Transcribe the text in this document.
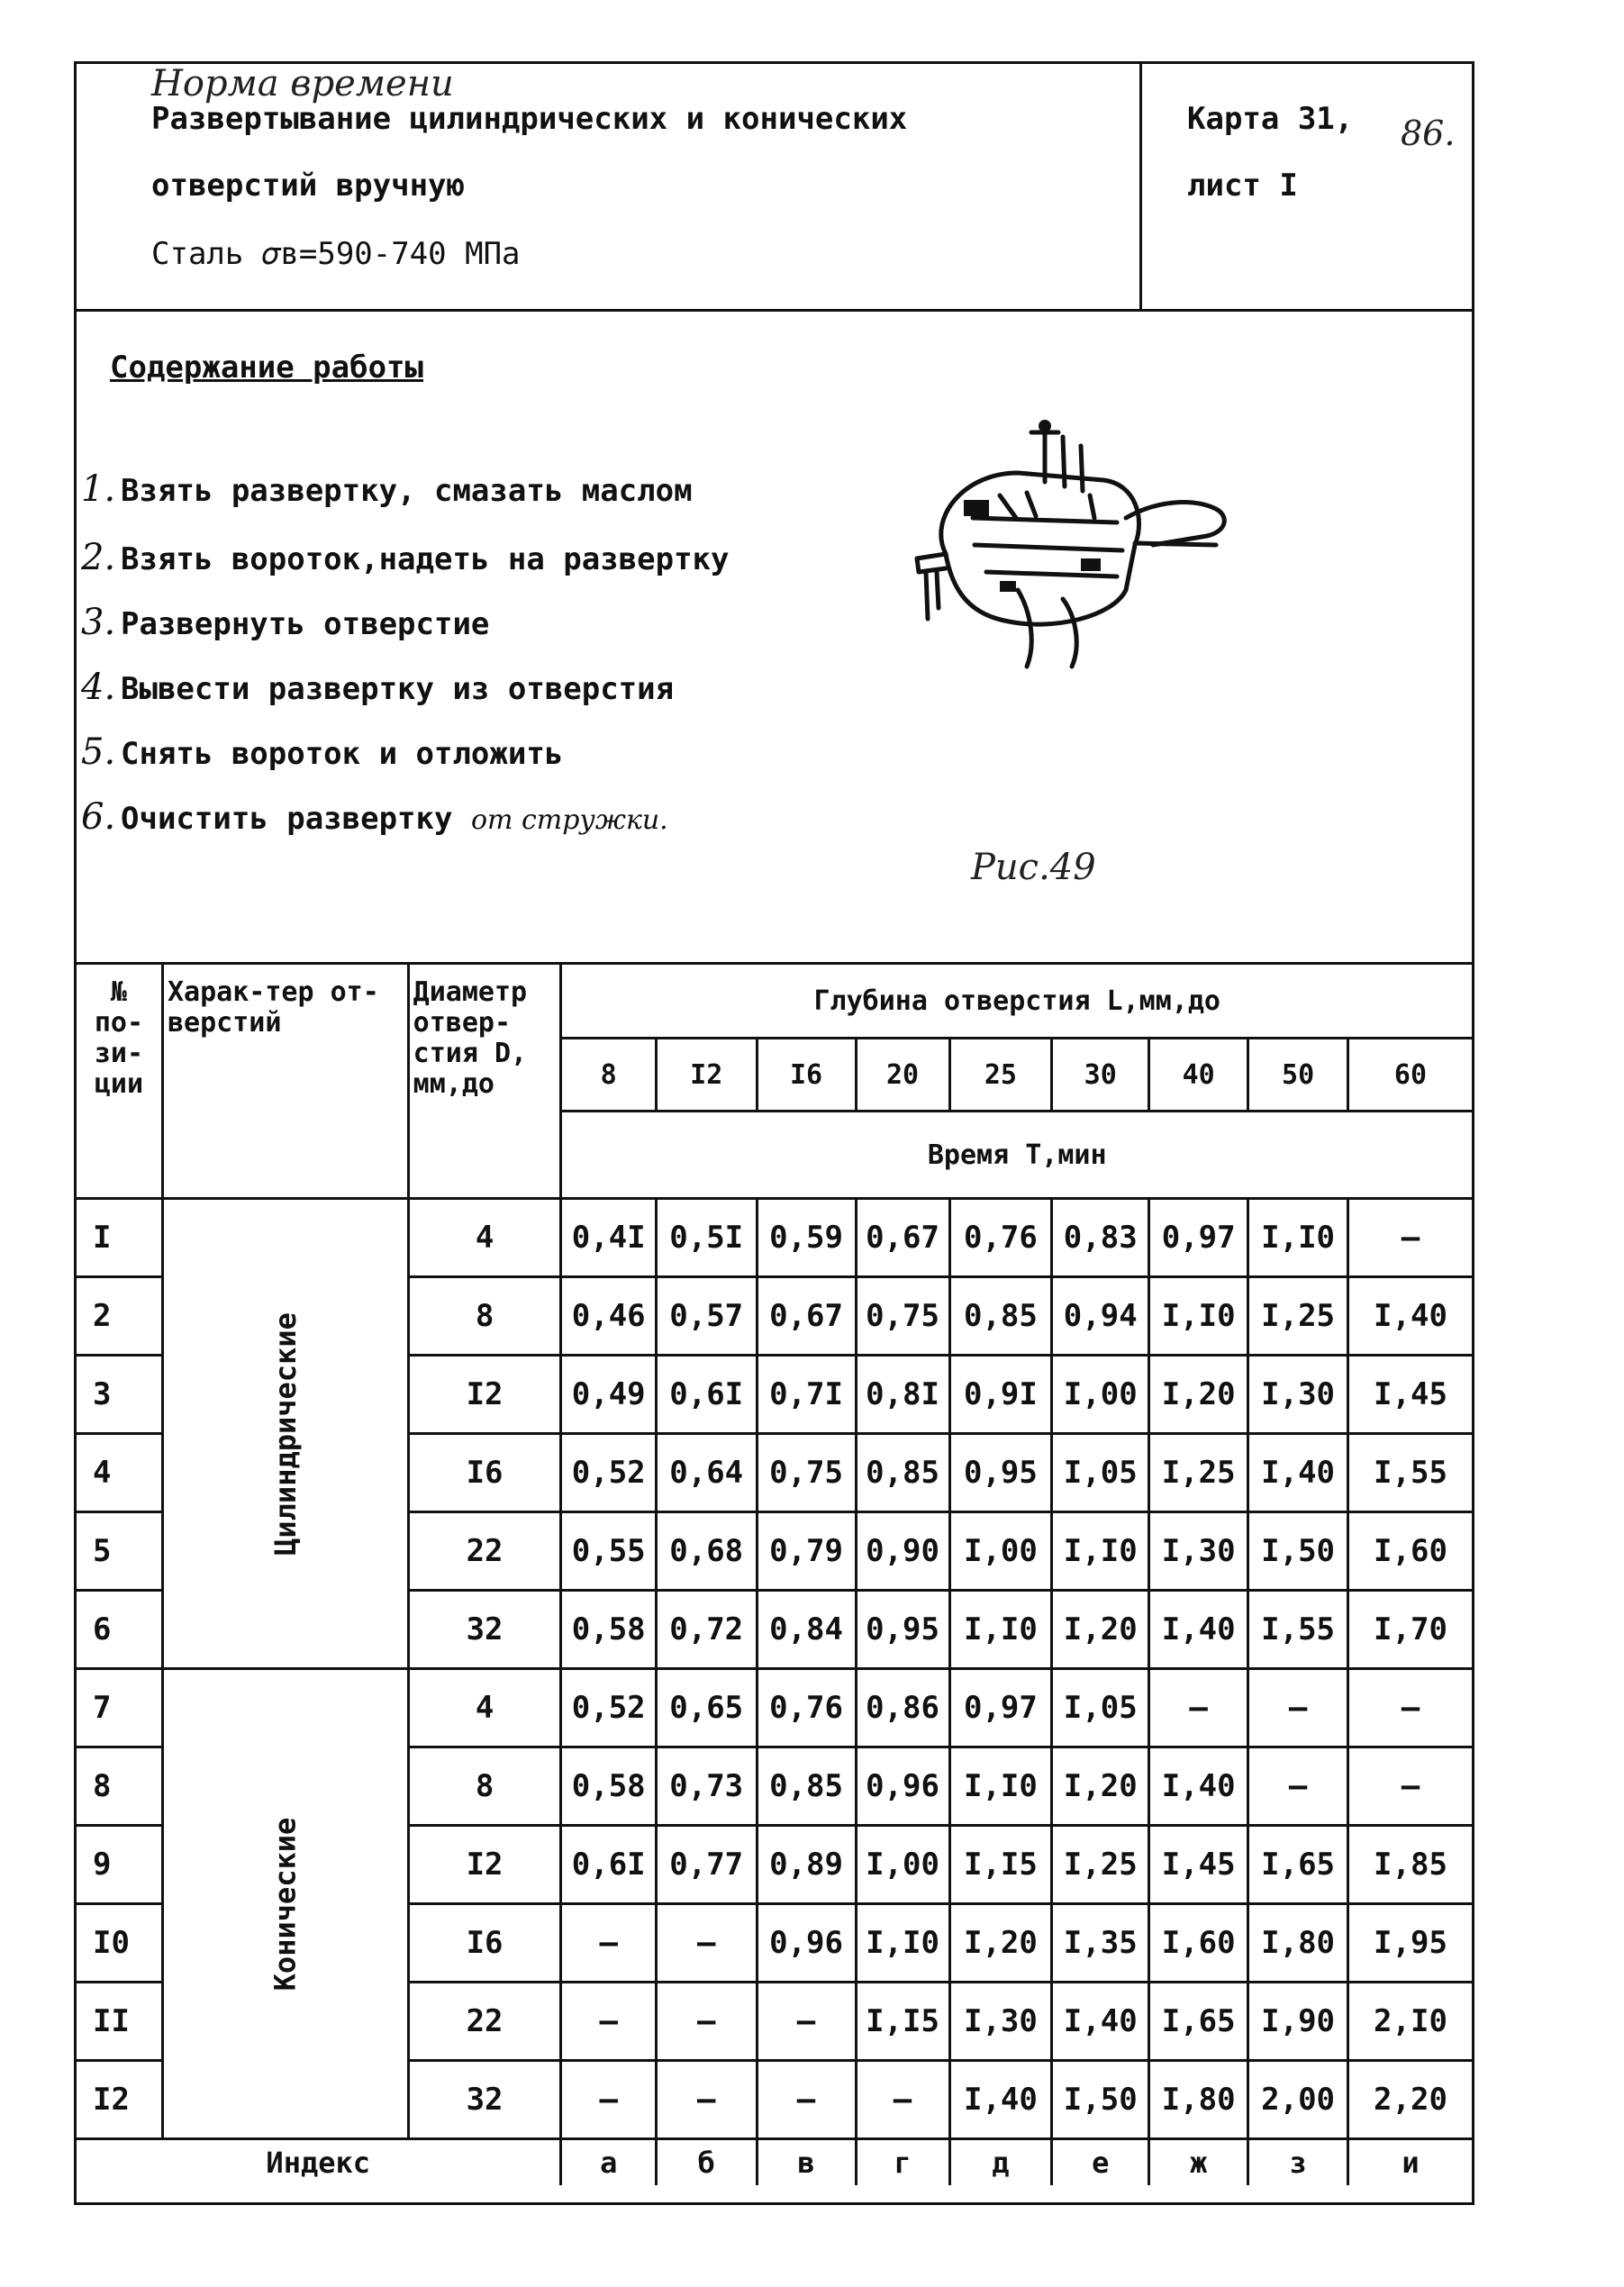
Норма времени
Развертывание цилиндрических и конических
отверстий вручную
Сталь 𝜎в=590-740 МПа
Карта 31,
лист I
86.
Содержание работы
1. Взять развертку, смазать маслом
2. Взять вороток,надеть на развертку
3. Развернуть отверстие
4. Вывести развертку из отверстия
5. Снять вороток и отложить
6. Очистить развертку от стружки.
Рис.49
№ по-зи-ции	Харак-тер от-верстий	Диаметр отвер-стия D, мм,до	Глубина отверстия L,мм,до								
			8	I2	I6	20	25	30	40	50	60
			Время Т,мин								
I	Цилиндрические	4	0,4I	0,5I	0,59	0,67	0,76	0,83	0,97	I,I0	–
2		8	0,46	0,57	0,67	0,75	0,85	0,94	I,I0	I,25	I,40
3		I2	0,49	0,6I	0,7I	0,8I	0,9I	I,00	I,20	I,30	I,45
4		I6	0,52	0,64	0,75	0,85	0,95	I,05	I,25	I,40	I,55
5		22	0,55	0,68	0,79	0,90	I,00	I,I0	I,30	I,50	I,60
6		32	0,58	0,72	0,84	0,95	I,I0	I,20	I,40	I,55	I,70
7	Конические	4	0,52	0,65	0,76	0,86	0,97	I,05	–	–	–
8		8	0,58	0,73	0,85	0,96	I,I0	I,20	I,40	–	–
9		I2	0,6I	0,77	0,89	I,00	I,I5	I,25	I,45	I,65	I,85
I0		I6	–	–	0,96	I,I0	I,20	I,35	I,60	I,80	I,95
II		22	–	–	–	I,I5	I,30	I,40	I,65	I,90	2,I0
I2		32	–	–	–	–	I,40	I,50	I,80	2,00	2,20
Индекс			а	б	в	г	д	е	ж	з	и
